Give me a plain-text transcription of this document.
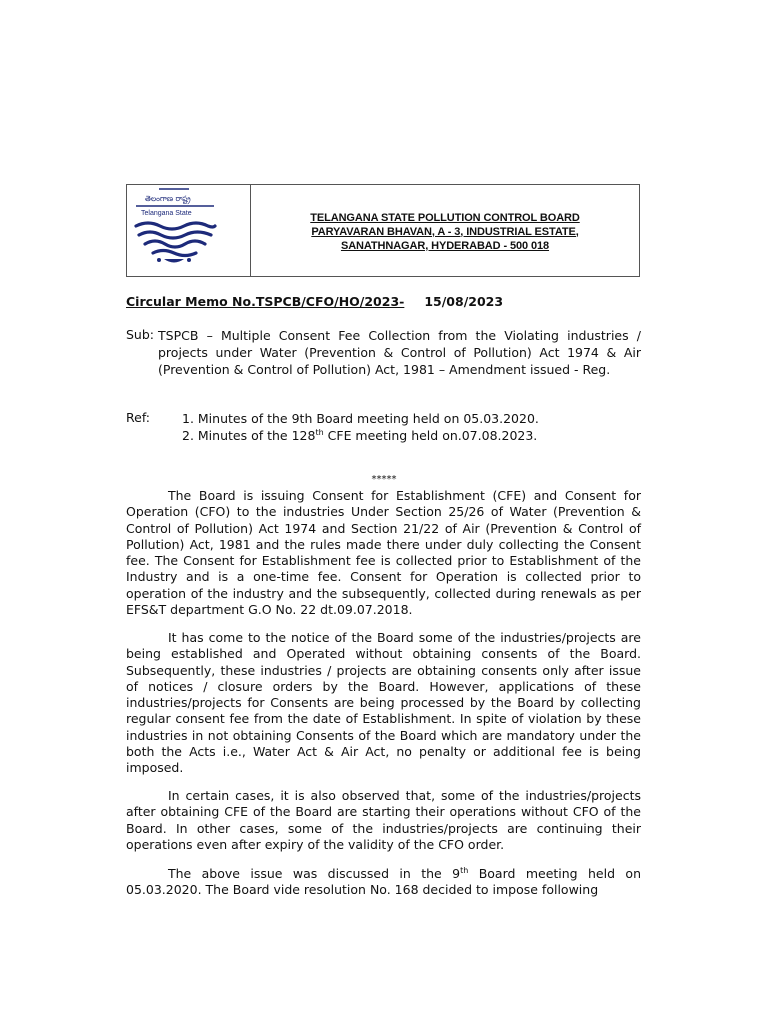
తెలంగాణ రాష్ట్ర
Telangana State	TELANGANA STATE POLLUTION CONTROL BOARD
PARYAVARAN BHAVAN, A - 3, INDUSTRIAL ESTATE,
SANATHNAGAR, HYDERABAD - 500 018
Circular Memo No.TSPCB/CFO/HO/2023- 15/08/2023
Sub: TSPCB – Multiple Consent Fee Collection from the Violating industries / projects under Water (Prevention & Control of Pollution) Act 1974 & Air (Prevention & Control of Pollution) Act, 1981 – Amendment issued - Reg.
Ref:	1. Minutes of the 9th Board meeting held on 05.03.2020.
2. Minutes of the 128th CFE meeting held on.07.08.2023.
*****

The Board is issuing Consent for Establishment (CFE) and Consent for Operation (CFO) to the industries Under Section 25/26 of Water (Prevention & Control of Pollution) Act 1974 and Section 21/22 of Air (Prevention & Control of Pollution) Act, 1981 and the rules made there under duly collecting the Consent fee. The Consent for Establishment fee is collected prior to Establishment of the Industry and is a one-time fee. Consent for Operation is collected prior to operation of the industry and the subsequently, collected during renewals as per EFS&T department G.O No. 22 dt.09.07.2018.

It has come to the notice of the Board some of the industries/projects are being established and Operated without obtaining consents of the Board. Subsequently, these industries / projects are obtaining consents only after issue of notices / closure orders by the Board. However, applications of these industries/projects for Consents are being processed by the Board by collecting regular consent fee from the date of Establishment. In spite of violation by these industries in not obtaining Consents of the Board which are mandatory under the both the Acts i.e., Water Act & Air Act, no penalty or additional fee is being imposed.

In certain cases, it is also observed that, some of the industries/projects after obtaining CFE of the Board are starting their operations without CFO of the Board. In other cases, some of the industries/projects are continuing their operations even after expiry of the validity of the CFO order.

The above issue was discussed in the 9th Board meeting held on 05.03.2020. The Board vide resolution No. 168 decided to impose following
